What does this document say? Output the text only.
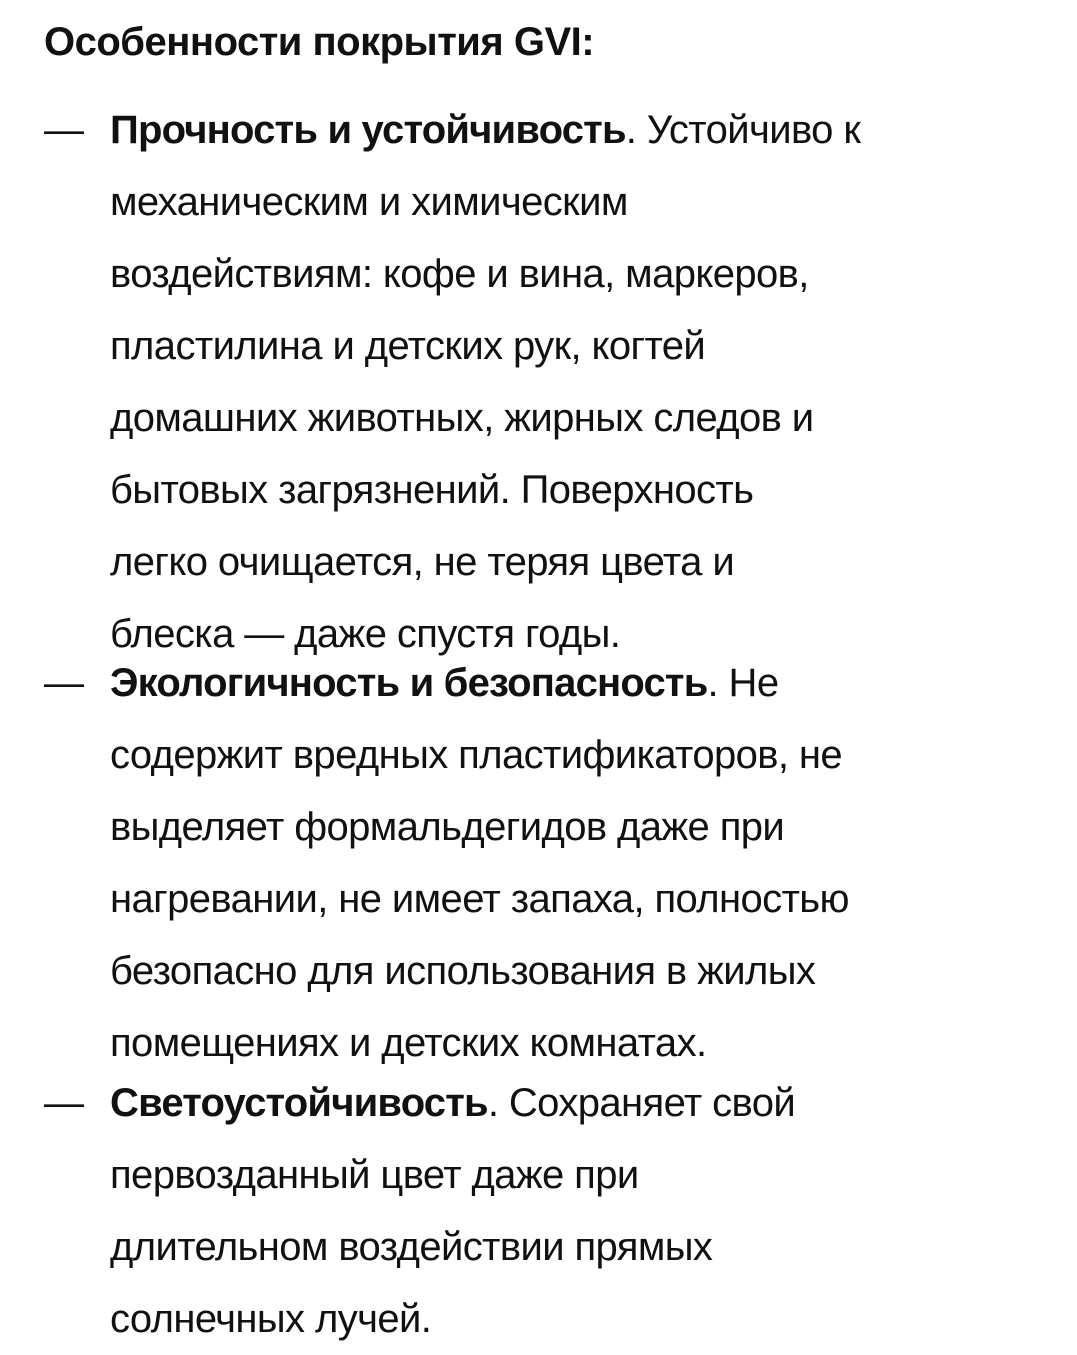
Особенности покрытия GVI:
— Прочность и устойчивость. Устойчиво к
механическим и химическим
воздействиям: кофе и вина, маркеров,
пластилина и детских рук, когтей
домашних животных, жирных следов и
бытовых загрязнений. Поверхность
легко очищается, не теряя цвета и
блеска — даже спустя годы.
— Экологичность и безопасность. Не
содержит вредных пластификаторов, не
выделяет формальдегидов даже при
нагревании, не имеет запаха, полностью
безопасно для использования в жилых
помещениях и детских комнатах.
— Светоустойчивость. Сохраняет свой
первозданный цвет даже при
длительном воздействии прямых
солнечных лучей.
